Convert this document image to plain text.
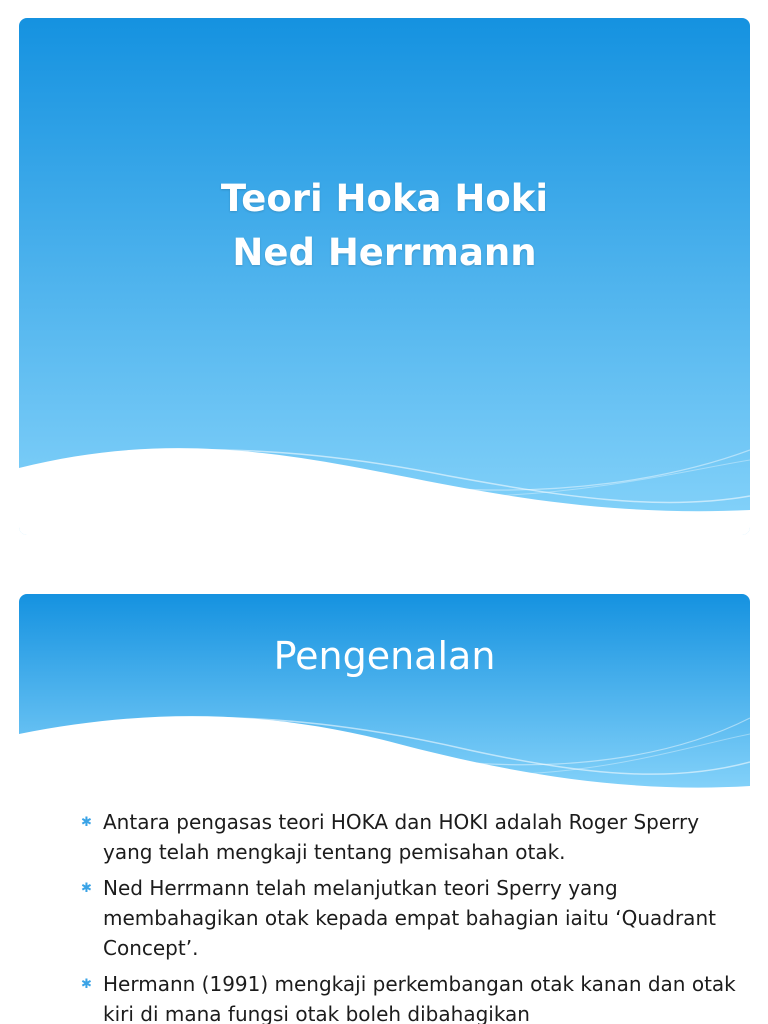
Teori Hoka Hoki
Ned Herrmann
Pengenalan
✱ Antara pengasas teori HOKA dan HOKI adalah Roger Sperry yang telah mengkaji tentang pemisahan otak.
✱ Ned Herrmann telah melanjutkan teori Sperry yang membahagikan otak kepada empat bahagian iaitu ‘Quadrant Concept’.
✱ Hermann (1991) mengkaji perkembangan otak kanan dan otak kiri di mana fungsi otak boleh dibahagikan
